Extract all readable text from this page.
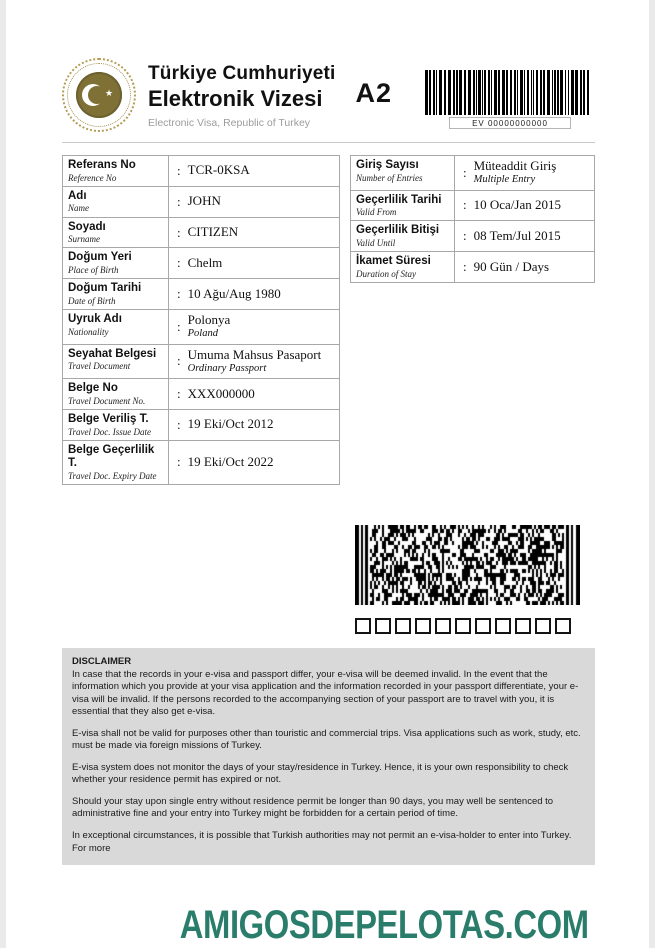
★
Türkiye Cumhuriyeti
Elektronik Vizesi
Electronic Visa, Republic of Turkey
A2
EV 00000000000
Referans No
Reference No
: TCR-0KSA
Adı
Name
: JOHN
Soyadı
Surname
: CITIZEN
Doğum Yeri
Place of Birth
: Chelm
Doğum Tarihi
Date of Birth
: 10 Ağu/Aug 1980
Uyruk Adı
Nationality
: Polonya
Poland
Seyahat Belgesi
Travel Document
: Umuma Mahsus Pasaport
Ordinary Passport
Belge No
Travel Document No.
: XXX000000
Belge Veriliş T.
Travel Doc. Issue Date
: 19 Eki/Oct 2012
Belge Geçerlilik T.
Travel Doc. Expiry Date
: 19 Eki/Oct 2022
Giriş Sayısı
Number of Entries
: Müteaddit Giriş
Multiple Entry
Geçerlilik Tarihi
Valid From
: 10 Oca/Jan 2015
Geçerlilik Bitişi
Valid Until
: 08 Tem/Jul 2015
İkamet Süresi
Duration of Stay
: 90 Gün / Days
DISCLAIMER

In case that the records in your e-visa and passport differ, your e-visa will be deemed invalid. In the event that the information which you provide at your visa application and the information recorded in your passport differentiate, your e-visa will be invalid. If the persons recorded to the accompanying section of your passport are to travel with you, it is essential that they also get e-visa.

E-visa shall not be valid for purposes other than touristic and commercial trips. Visa applications such as work, study, etc. must be made via foreign missions of Turkey.

E-visa system does not monitor the days of your stay/residence in Turkey. Hence, it is your own responsibility to check whether your residence permit has expired or not.

Should your stay upon single entry without residence permit be longer than 90 days, you may well be sentenced to administrative fine and your entry into Turkey might be forbidden for a certain period of time.

In exceptional circumstances, it is possible that Turkish authorities may not permit an e-visa-holder to enter into Turkey. For more

AMIGOSDEPELOTAS.COM
